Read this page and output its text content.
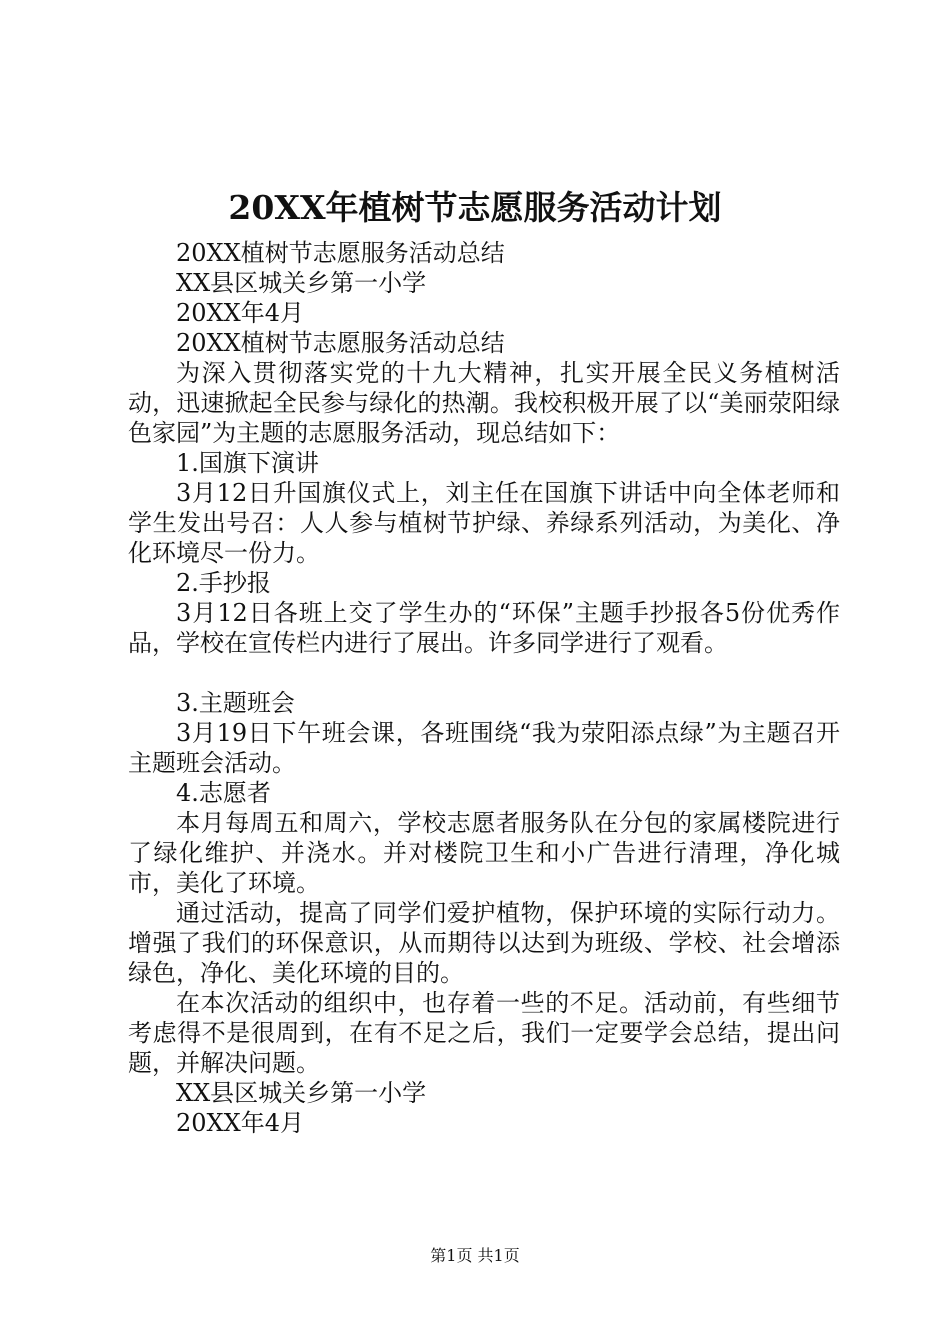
20XX年植树节志愿服务活动计划
20XX植树节志愿服务活动总结
XX县区城关乡第一小学
20XX年4月
20XX植树节志愿服务活动总结
为深入贯彻落实党的十九大精神，扎实开展全民义务植树活动，迅速掀起全民参与绿化的热潮。我校积极开展了以“美丽荥阳绿色家园”为主题的志愿服务活动，现总结如下：
1.国旗下演讲
3月12日升国旗仪式上，刘主任在国旗下讲话中向全体老师和学生发出号召：人人参与植树节护绿、养绿系列活动，为美化、净化环境尽一份力。
2.手抄报
3月12日各班上交了学生办的“环保”主题手抄报各5份优秀作品，学校在宣传栏内进行了展出。许多同学进行了观看。
3.主题班会
3月19日下午班会课，各班围绕“我为荥阳添点绿”为主题召开主题班会活动。
4.志愿者
本月每周五和周六，学校志愿者服务队在分包的家属楼院进行了绿化维护、并浇水。并对楼院卫生和小广告进行清理，净化城市，美化了环境。
通过活动，提高了同学们爱护植物，保护环境的实际行动力。增强了我们的环保意识，从而期待以达到为班级、学校、社会增添绿色，净化、美化环境的目的。
在本次活动的组织中，也存着一些的不足。活动前，有些细节考虑得不是很周到，在有不足之后，我们一定要学会总结，提出问题，并解决问题。
XX县区城关乡第一小学
20XX年4月
第1页 共1页
